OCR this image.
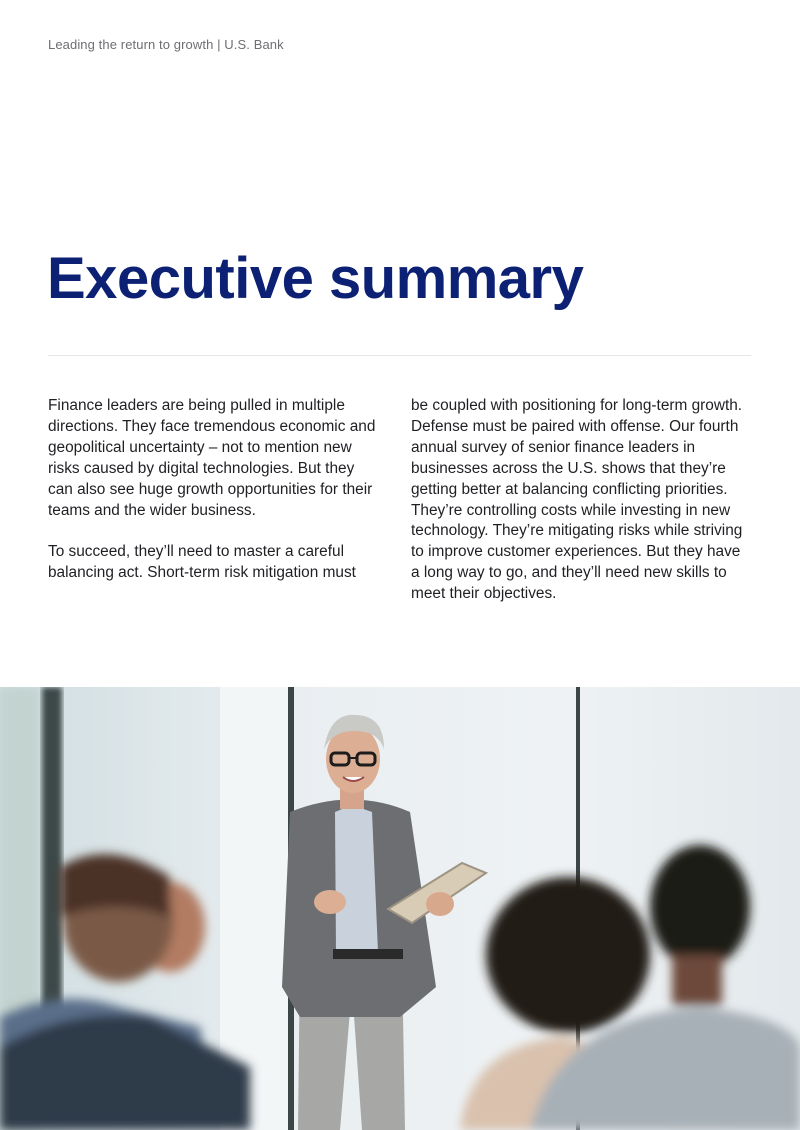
Leading the return to growth | U.S. Bank
Executive summary

Finance leaders are being pulled in multiple directions. They face tremendous economic and geopolitical uncertainty – not to mention new risks caused by digital technologies. But they can also see huge growth opportunities for their teams and the wider business.

To succeed, they’ll need to master a careful balancing act. Short-term risk mitigation must

be coupled with positioning for long-term growth. Defense must be paired with offense. Our fourth annual survey of senior finance leaders in businesses across the U.S. shows that they’re getting better at balancing conflicting priorities. They’re controlling costs while investing in new technology. They’re mitigating risks while striving to improve customer experiences. But they have a long way to go, and they’ll need new skills to meet their objectives.
